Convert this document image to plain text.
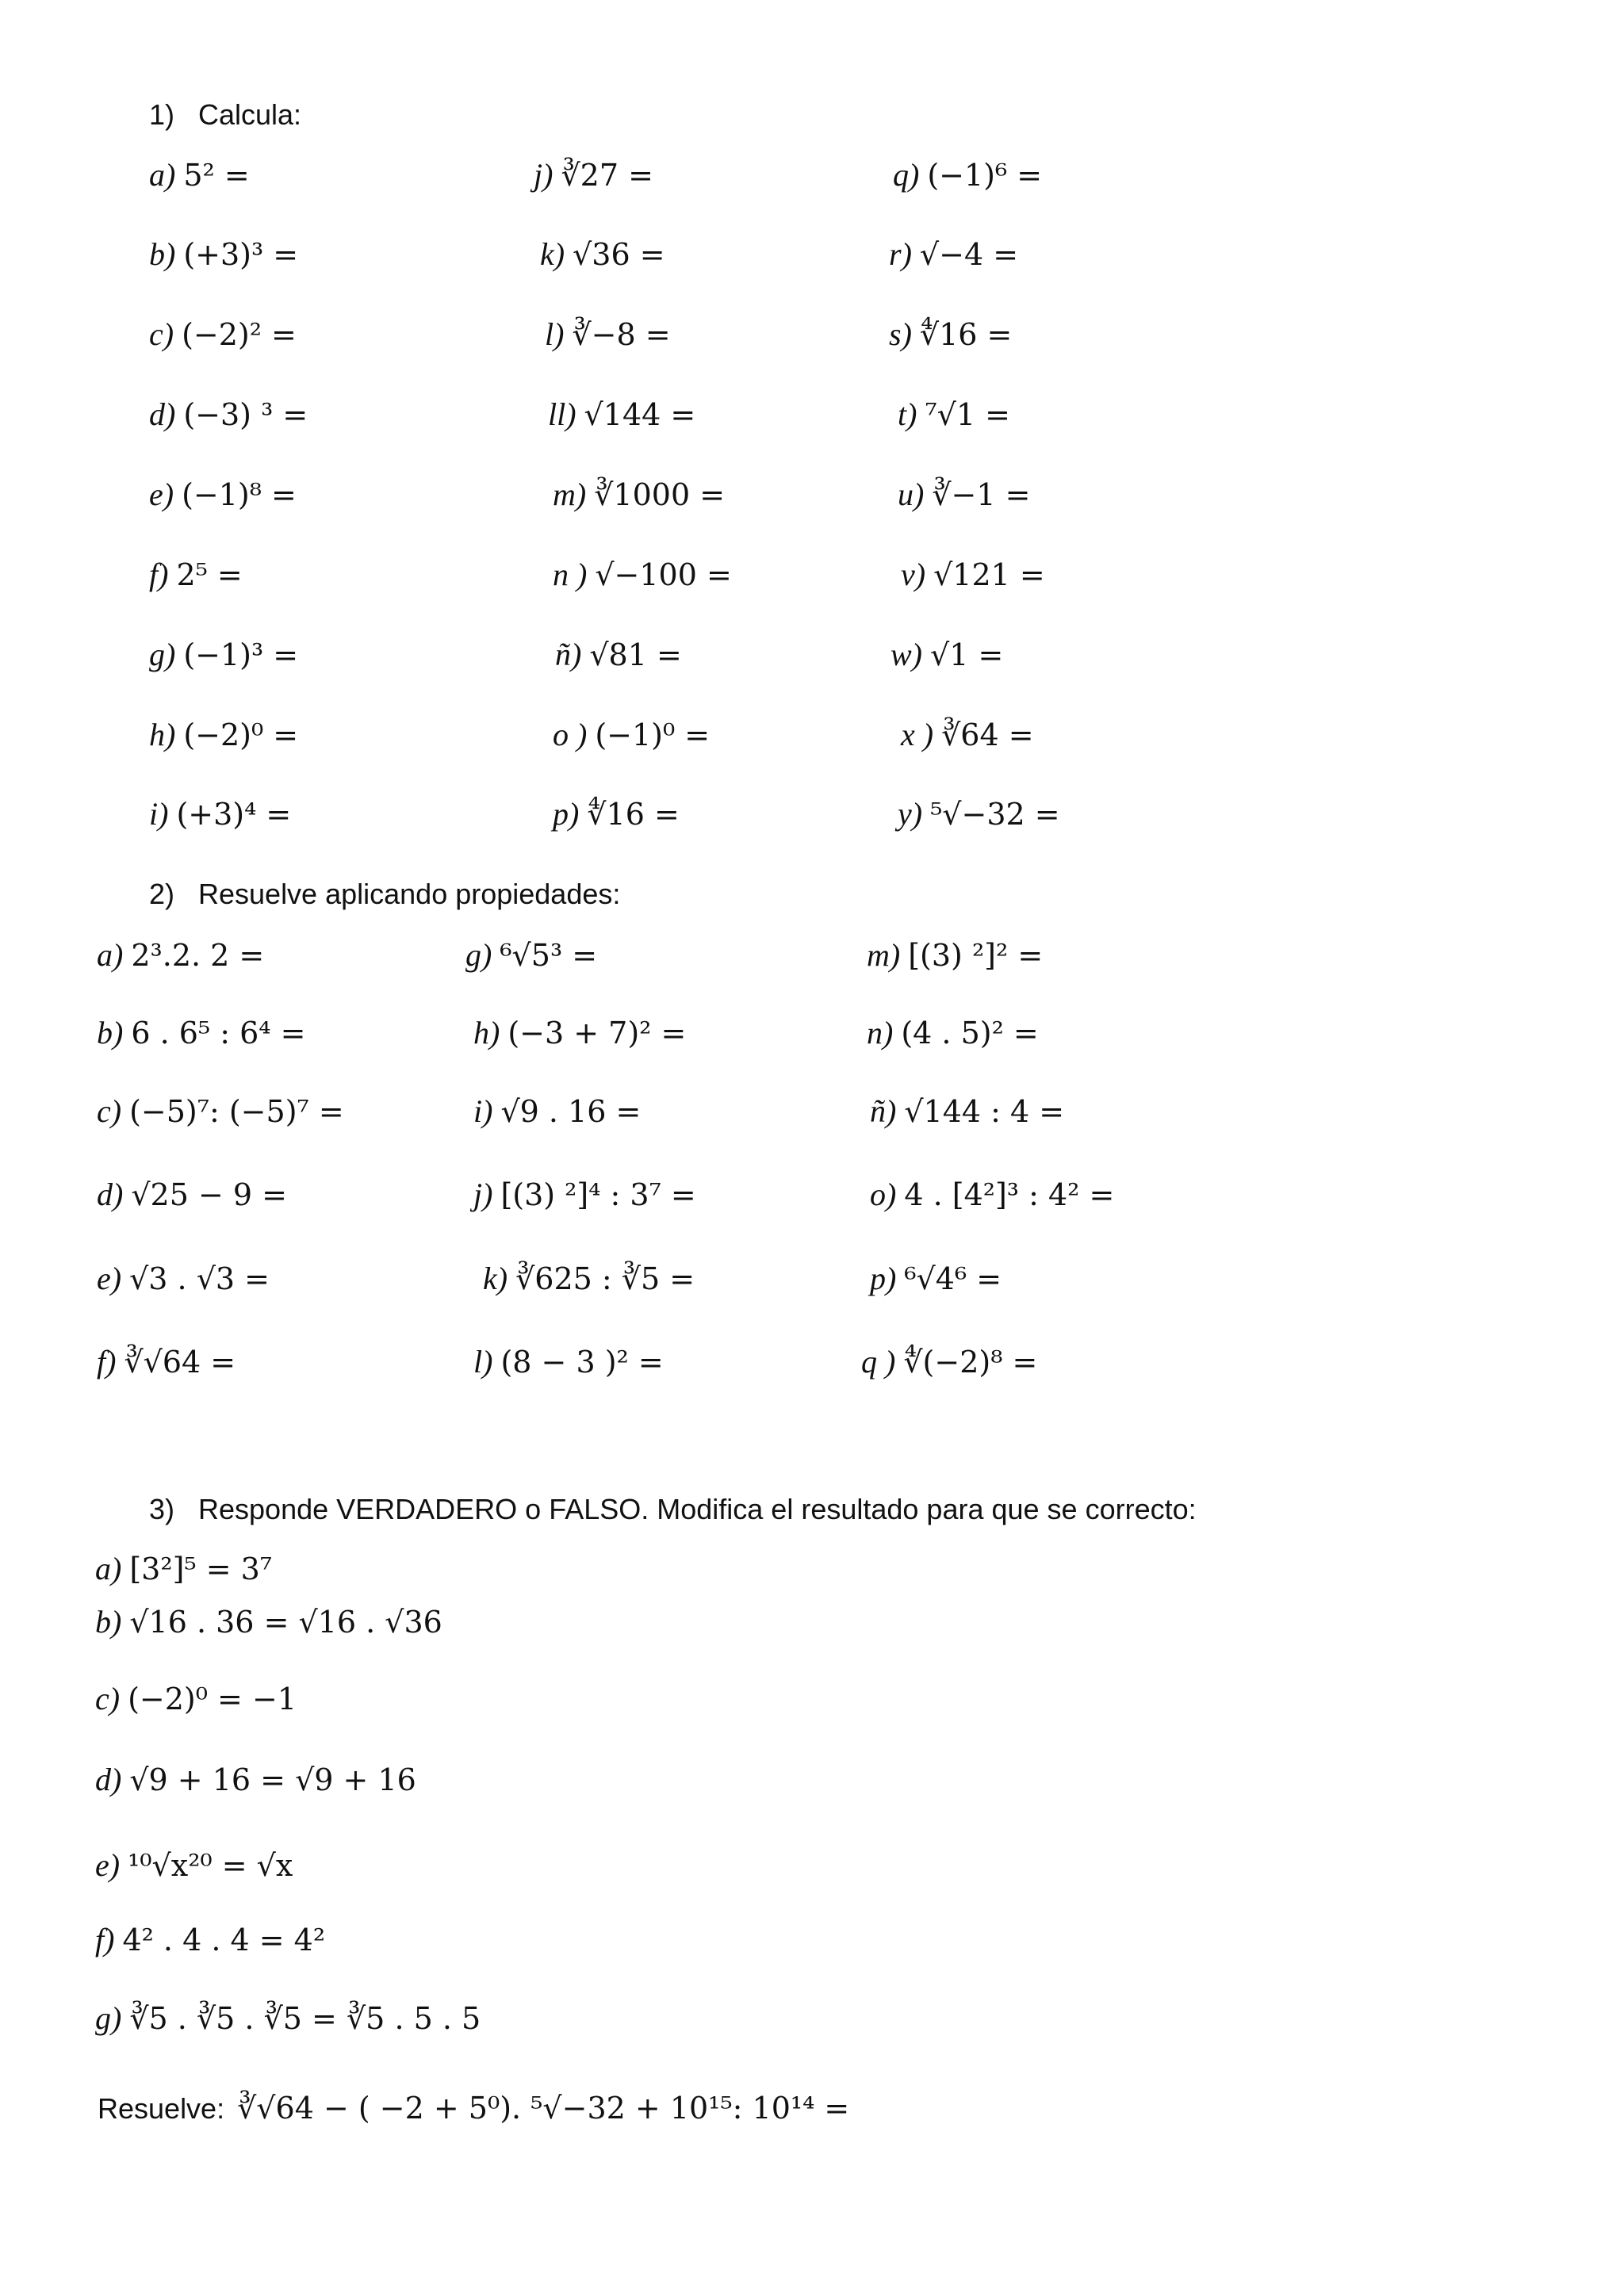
1) Calcula:
a) 5² =	j) ∛27 =	q) (−1)⁶ =
b) (+3)³ =	k) √36 =	r) √−4 =
c) (−2)² =	l) ∛−8 =	s) ∜16 =
d) (−3) ³ =	ll) √144 =	t) ⁷√1 =
e) (−1)⁸ =	m) ∛1000 =	u) ∛−1 =
f) 2⁵ =	n ) √−100 =	v) √121 =
g) (−1)³ =	ñ) √81 =	w) √1 =
h) (−2)⁰ =	o ) (−1)⁰ =	x ) ∛64 =
i) (+3)⁴ =	p) ∜16 =	y) ⁵√−32 =
2) Resuelve aplicando propiedades:
a) 2³.2. 2 =	g) ⁶√5³ =	m) [(3) ²]² =
b) 6 . 6⁵ : 6⁴ =	h) (−3 + 7)² =	n) (4 . 5)² =
c) (−5)⁷: (−5)⁷ =	i) √9 . 16 =	ñ) √144 : 4 =
d) √25 − 9 =	j) [(3) ²]⁴ : 3⁷ =	o) 4 . [4²]³ : 4² =
e) √3 . √3 =	k) ∛625 : ∛5 =	p) ⁶√4⁶ =
f) ∛√64 =	l) (8 − 3 )² =	q ) ∜(−2)⁸ =
3) Responde VERDADERO o FALSO. Modifica el resultado para que se correcto:
a) [3²]⁵ = 3⁷
b) √16 . 36 = √16 . √36
c) (−2)⁰ = −1
d) √9 + 16 = √9 + 16
e) ¹⁰√x²⁰ = √x
f) 4² . 4 . 4 = 4²
g) ∛5 . ∛5 . ∛5 = ∛5 . 5 . 5
Resuelve: ∛√64 − ( −2 + 5⁰). ⁵√−32 + 10¹⁵: 10¹⁴ =
